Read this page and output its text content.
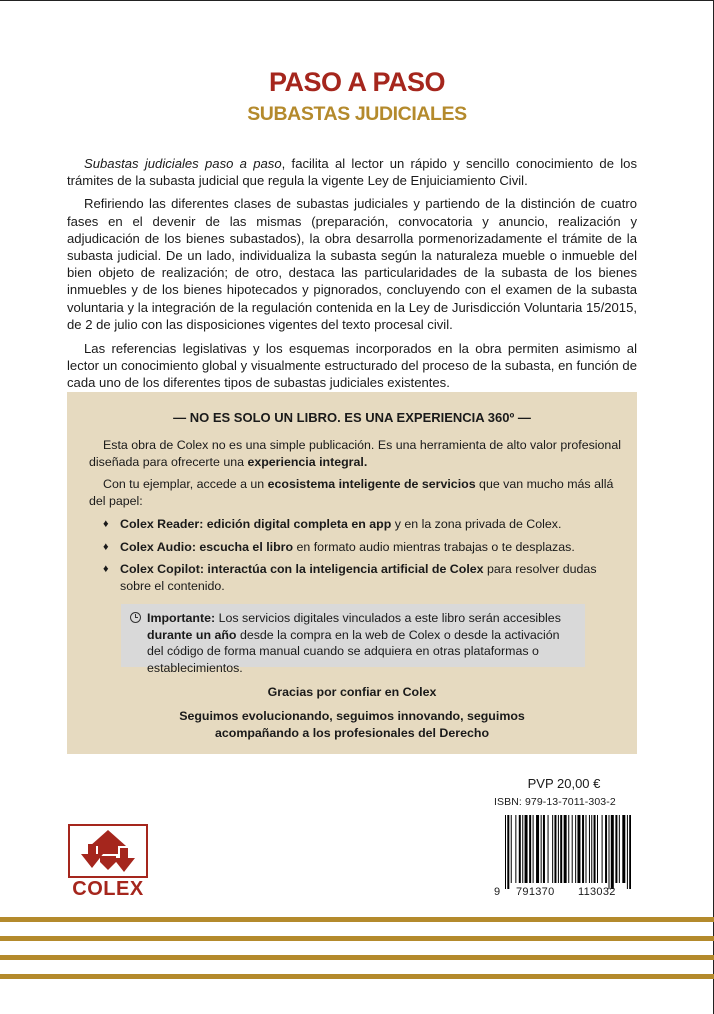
PASO A PASO
SUBASTAS JUDICIALES

Subastas judiciales paso a paso, facilita al lector un rápido y sencillo conocimiento de los trámites de la subasta judicial que regula la vigente Ley de Enjuiciamiento Civil.

Refiriendo las diferentes clases de subastas judiciales y partiendo de la distinción de cuatro fases en el devenir de las mismas (preparación, convocatoria y anuncio, realización y adjudicación de los bienes subastados), la obra desarrolla pormenorizadamente el trámite de la subasta judicial. De un lado, individualiza la subasta según la naturaleza mueble o inmueble del bien objeto de realización; de otro, destaca las particularidades de la subasta de los bienes inmuebles y de los bienes hipotecados y pignorados, concluyendo con el examen de la subasta voluntaria y la integración de la regulación contenida en la Ley de Jurisdicción Voluntaria 15/2015, de 2 de julio con las disposiciones vigentes del texto procesal civil.

Las referencias legislativas y los esquemas incorporados en la obra permiten asimismo al lector un conocimiento global y visualmente estructurado del proceso de la subasta, en función de cada uno de los diferentes tipos de subastas judiciales existentes.

— NO ES SOLO UN LIBRO. ES UNA EXPERIENCIA 360º —
Esta obra de Colex no es una simple publicación. Es una herramienta de alto valor profesional diseñada para ofrecerte una experiencia integral.
Con tu ejemplar, accede a un ecosistema inteligente de servicios que van mucho más allá del papel:
♦ Colex Reader: edición digital completa en app y en la zona privada de Colex.
♦ Colex Audio: escucha el libro en formato audio mientras trabajas o te desplazas.
♦ Colex Copilot: interactúa con la inteligencia artificial de Colex para resolver dudas sobre el contenido.
Importante: Los servicios digitales vinculados a este libro serán accesibles durante un año desde la compra en la web de Colex o desde la activación del código de forma manual cuando se adquiera en otras plataformas o establecimientos.
Gracias por confiar en Colex
Seguimos evolucionando, seguimos innovando, seguimos
acompañando a los profesionales del Derecho
PVP 20,00 €
ISBN: 979-13-7011-303-2
9 791370 113032
COLEX
